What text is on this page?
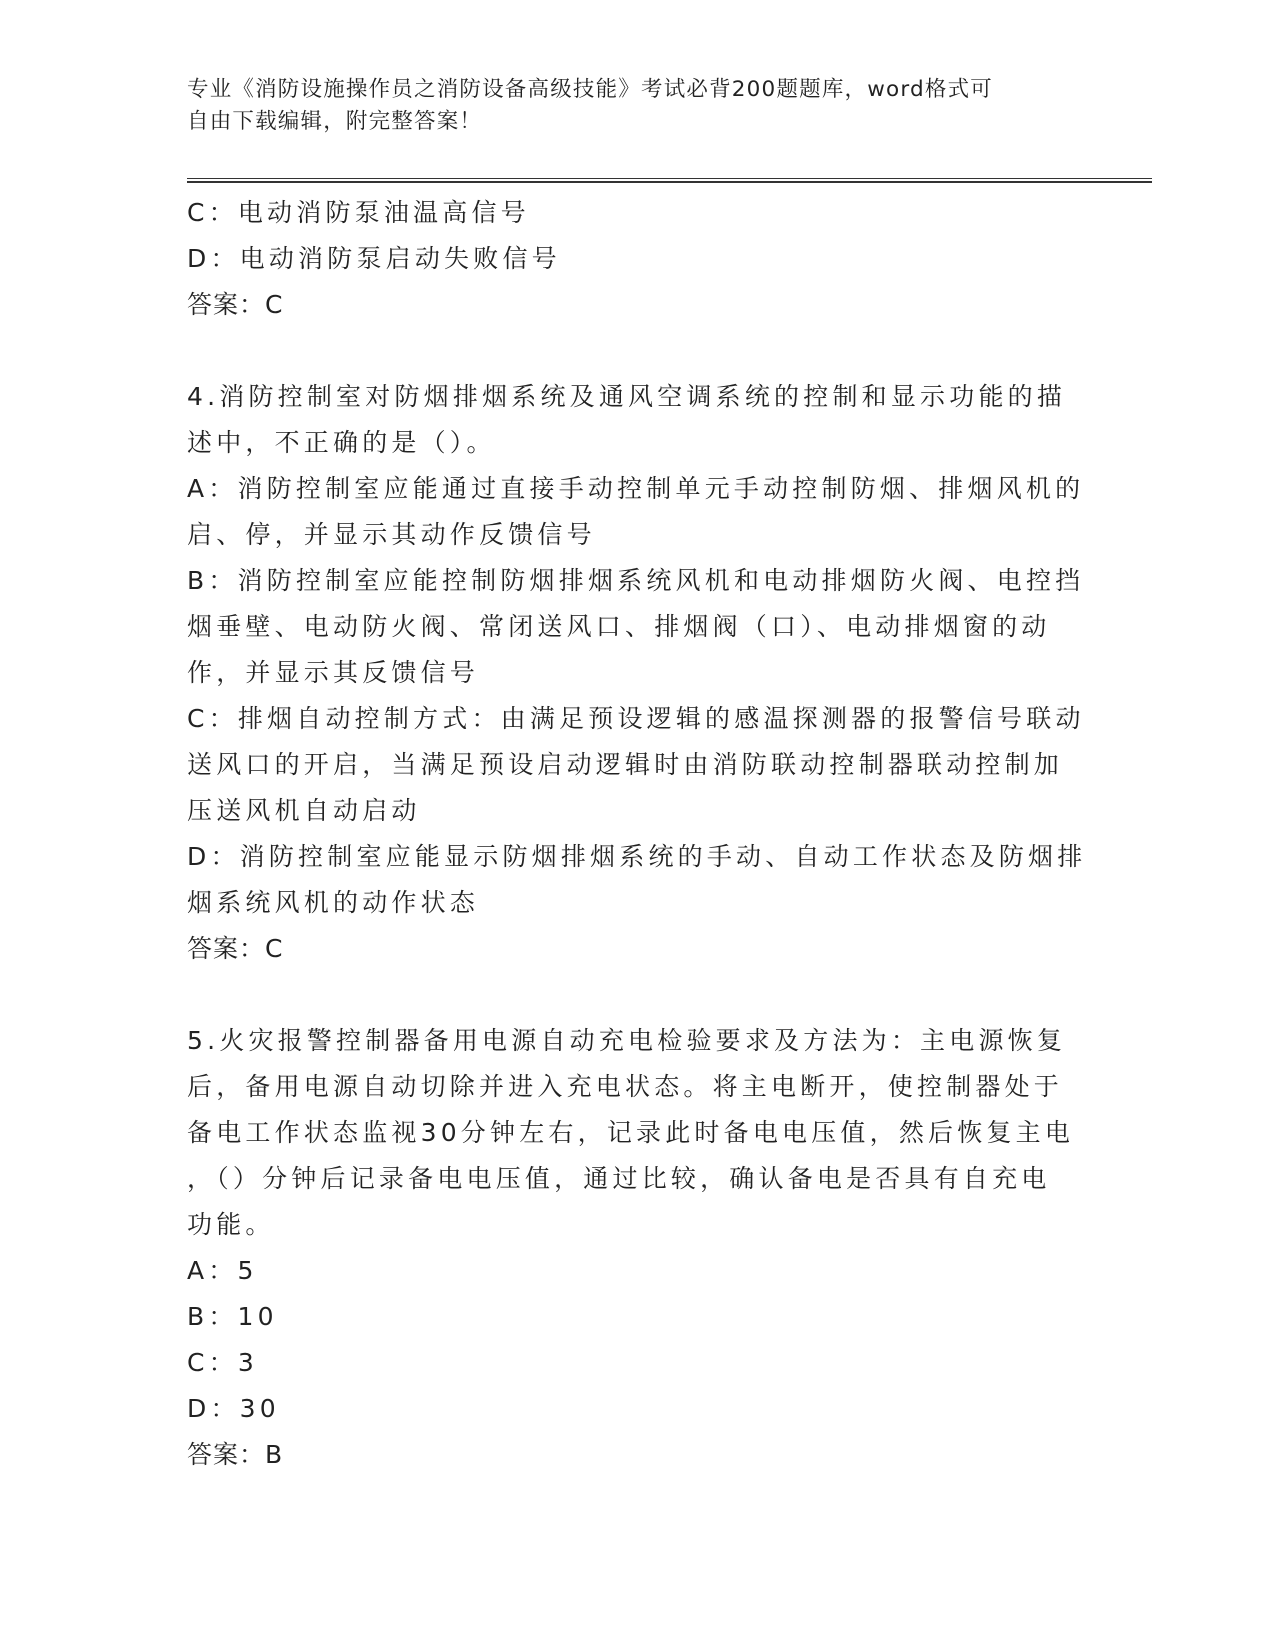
专业《消防设施操作员之消防设备高级技能》考试必背200题题库，word格式可
自由下载编辑，附完整答案！
C：电动消防泵油温高信号
D：电动消防泵启动失败信号
答案：C
4.消防控制室对防烟排烟系统及通风空调系统的控制和显示功能的描
述中，不正确的是（）。
A：消防控制室应能通过直接手动控制单元手动控制防烟、排烟风机的
启、停，并显示其动作反馈信号
B：消防控制室应能控制防烟排烟系统风机和电动排烟防火阀、电控挡
烟垂壁、电动防火阀、常闭送风口、排烟阀（口）、电动排烟窗的动
作，并显示其反馈信号
C：排烟自动控制方式：由满足预设逻辑的感温探测器的报警信号联动
送风口的开启，当满足预设启动逻辑时由消防联动控制器联动控制加
压送风机自动启动
D：消防控制室应能显示防烟排烟系统的手动、自动工作状态及防烟排
烟系统风机的动作状态
答案：C
5.火灾报警控制器备用电源自动充电检验要求及方法为：主电源恢复
后，备用电源自动切除并进入充电状态。将主电断开，使控制器处于
备电工作状态监视30分钟左右，记录此时备电电压值，然后恢复主电
，（）分钟后记录备电电压值，通过比较，确认备电是否具有自充电
功能。
A：5
B：10
C：3
D：30
答案：B
